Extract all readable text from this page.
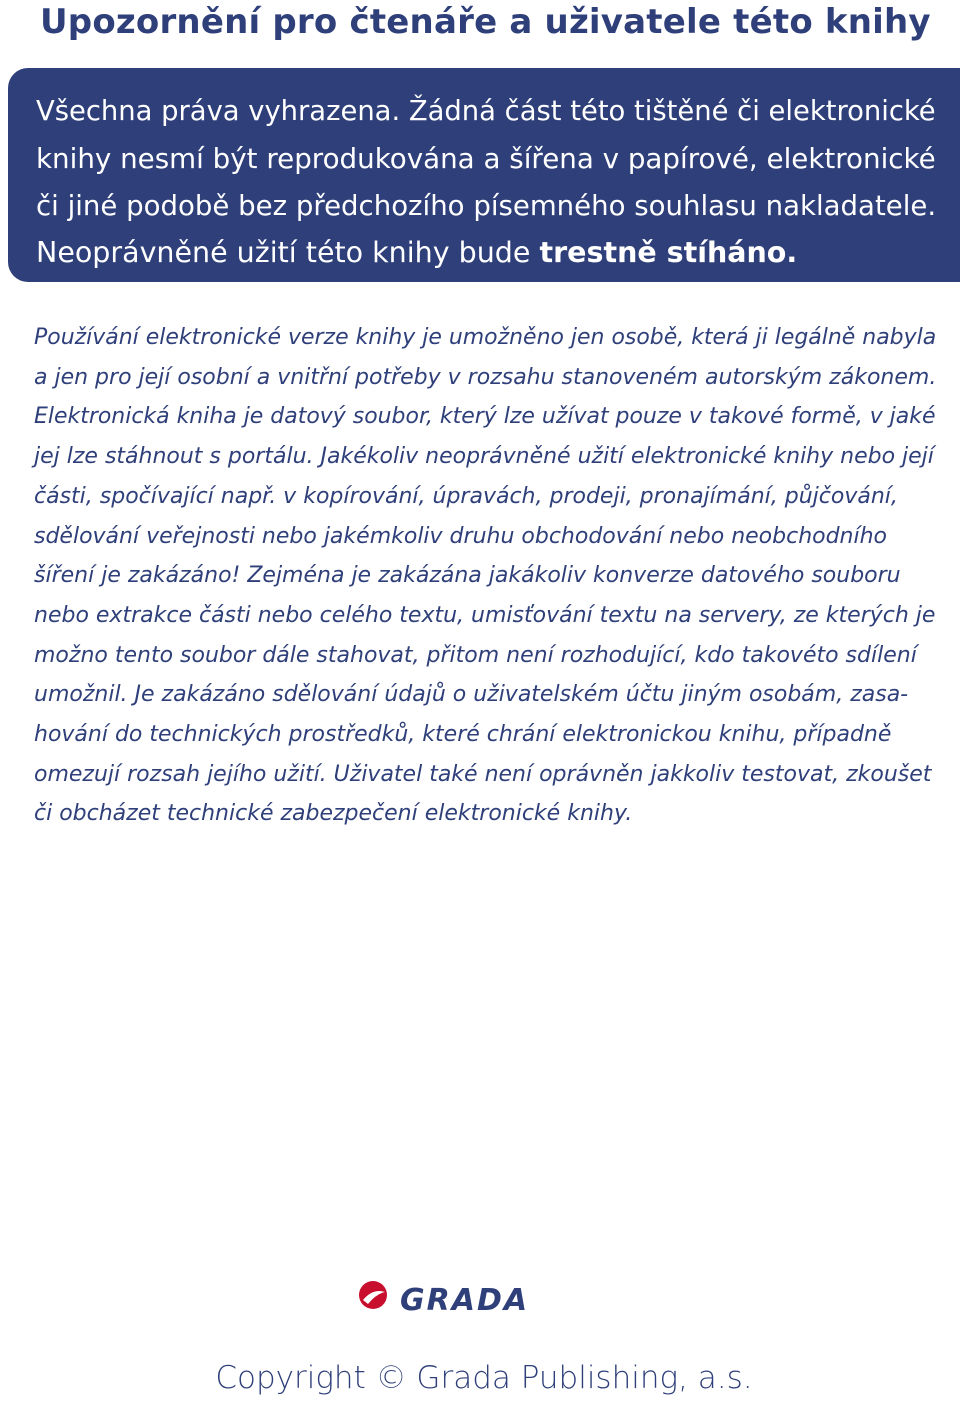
Upozornění pro čtenáře a uživatele této knihy
Všechna práva vyhrazena. Žádná část této tištěné či elektronické
knihy nesmí být reprodukována a šířena v papírové, elektronické
či jiné podobě bez předchozího písemného souhlasu nakladatele.
Neoprávněné užití této knihy bude trestně stíháno.
Používání elektronické verze knihy je umožněno jen osobě, která ji legálně nabyla
a jen pro její osobní a vnitřní potřeby v rozsahu stanoveném autorským zákonem.
Elektronická kniha je datový soubor, který lze užívat pouze v takové formě, v jaké
jej lze stáhnout s portálu. Jakékoliv neoprávněné užití elektronické knihy nebo její
části, spočívající např. v kopírování, úpravách, prodeji, pronajímání, půjčování,
sdělování veřejnosti nebo jakémkoliv druhu obchodování nebo neobchodního
šíření je zakázáno! Zejména je zakázána jakákoliv konverze datového souboru
nebo extrakce části nebo celého textu, umisťování textu na servery, ze kterých je
možno tento soubor dále stahovat, přitom není rozhodující, kdo takovéto sdílení
umožnil. Je zakázáno sdělování údajů o uživatelském účtu jiným osobám, zasa-
hování do technických prostředků, které chrání elektronickou knihu, případně
omezují rozsah jejího užití. Uživatel také není oprávněn jakkoliv testovat, zkoušet
či obcházet technické zabezpečení elektronické knihy.
GRADA
Copyright © Grada Publishing, a.s.
